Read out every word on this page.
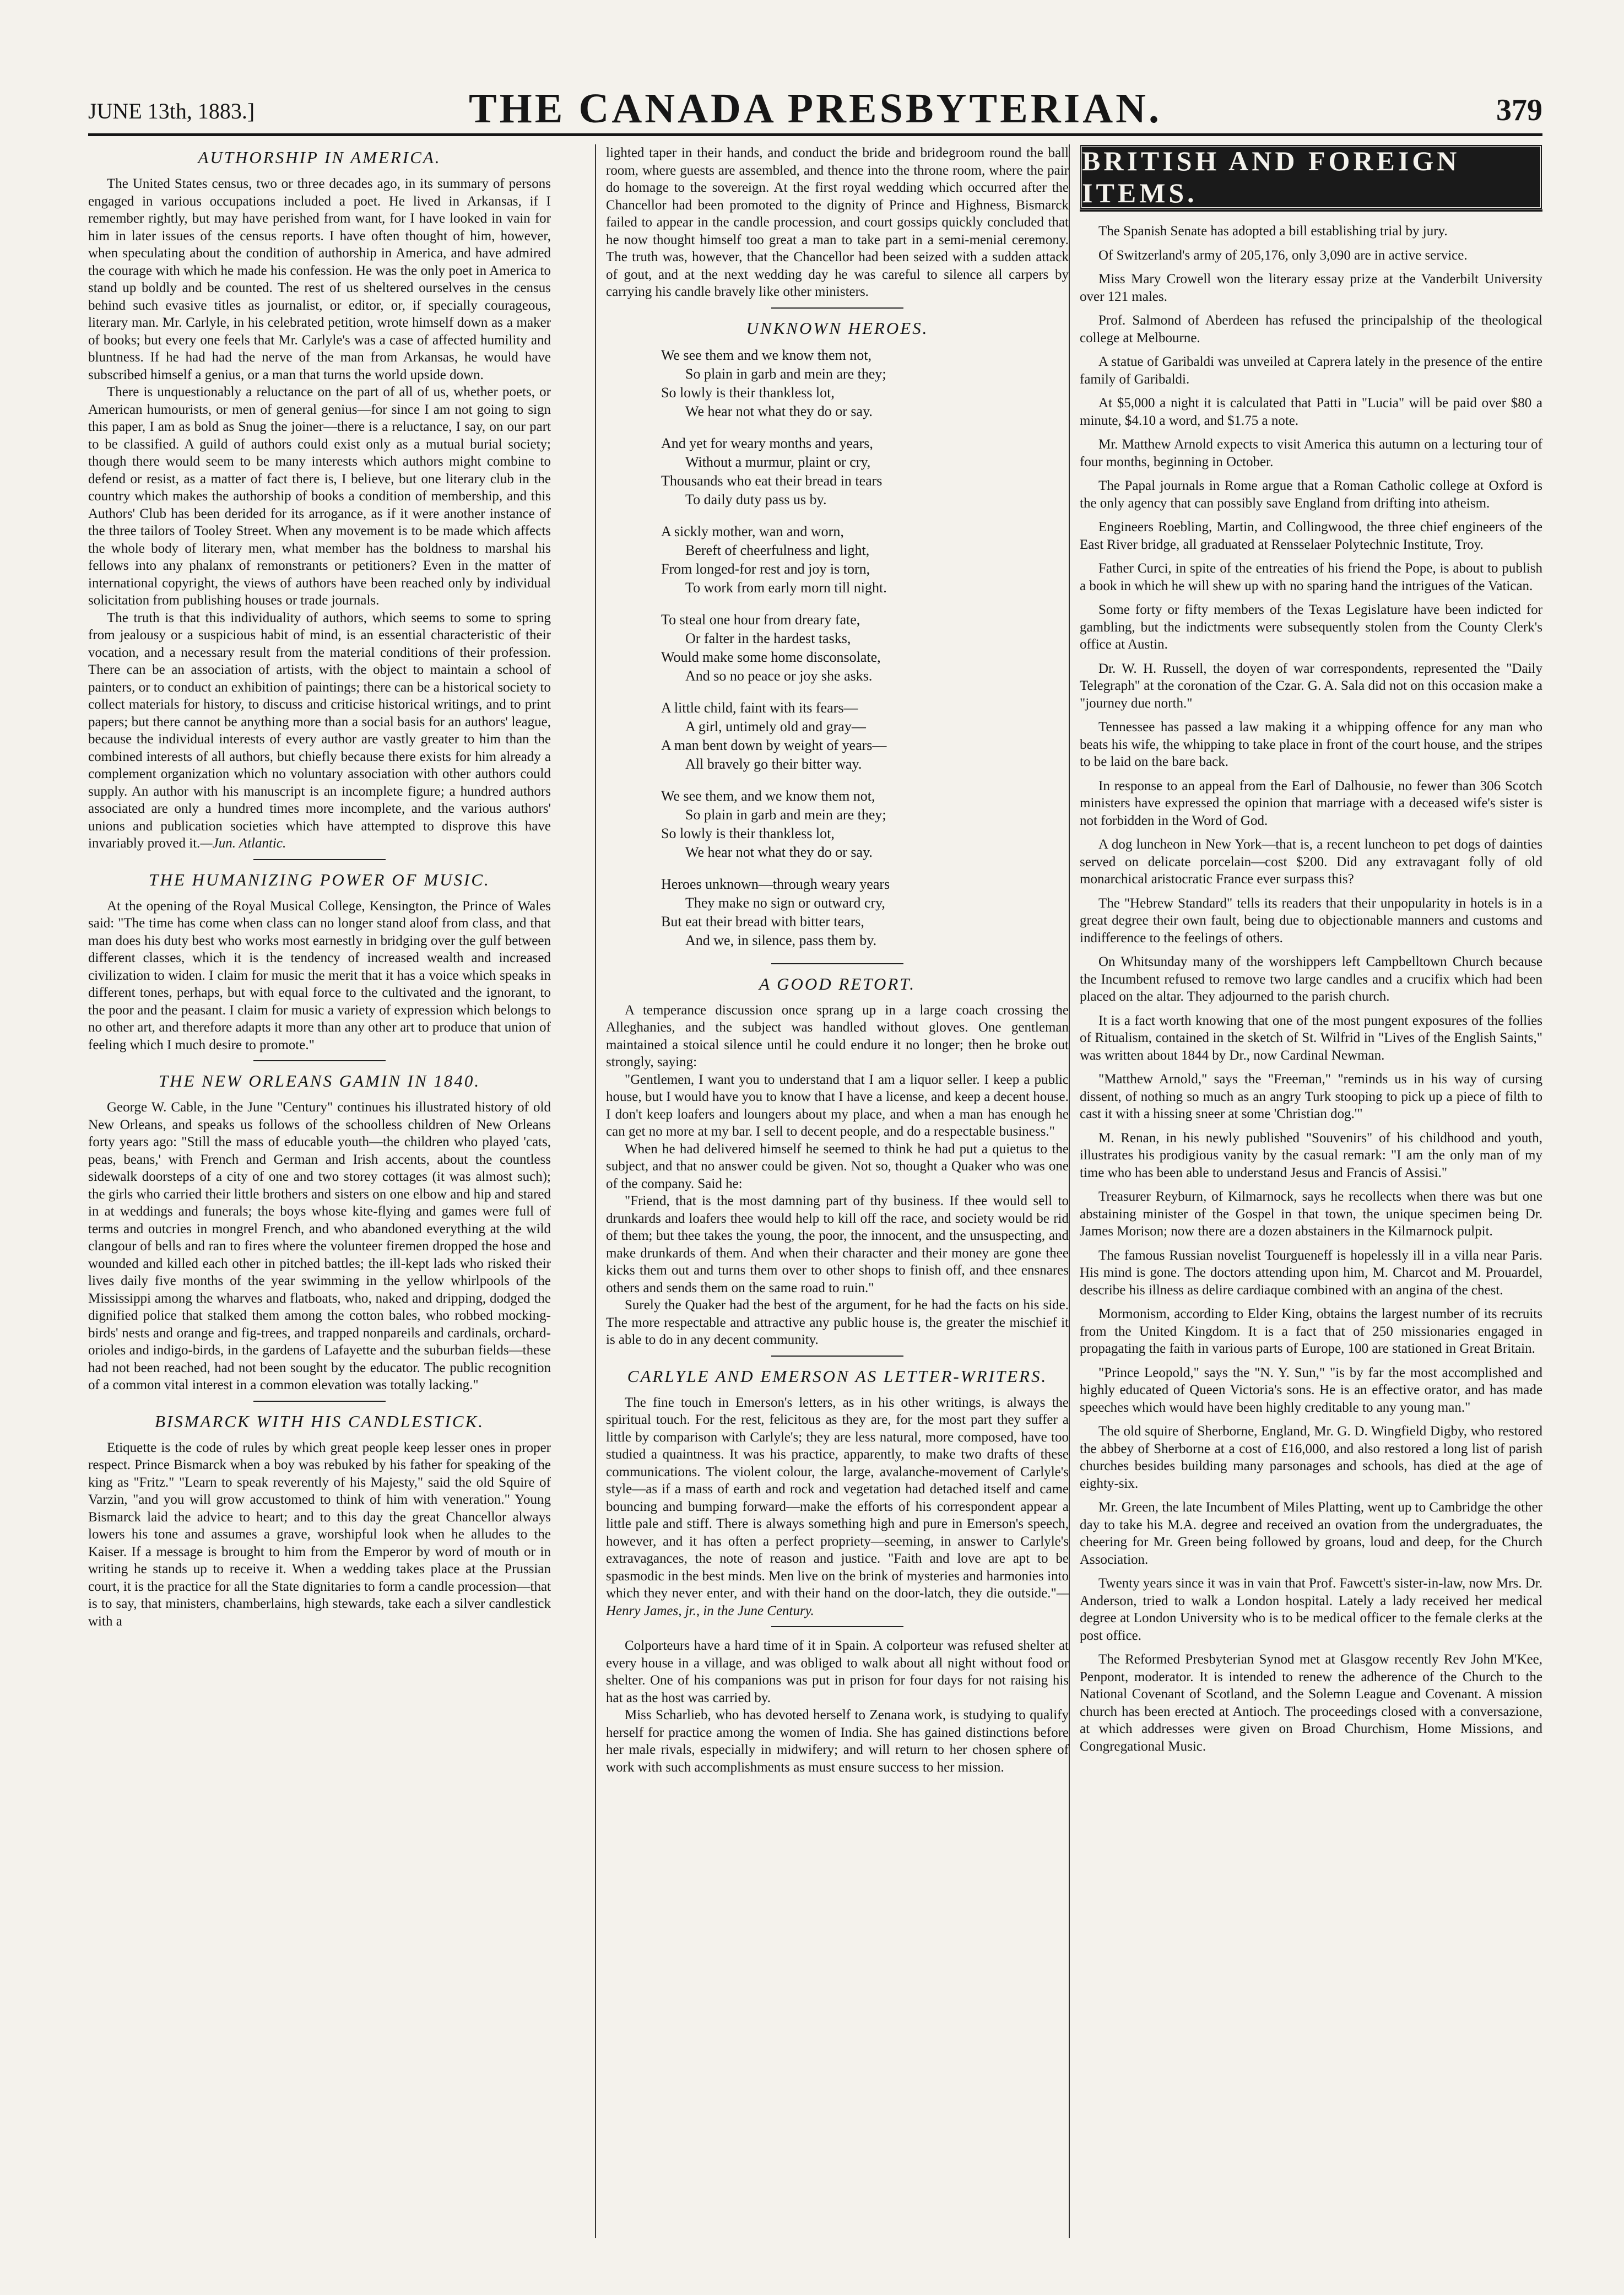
JUNE 13th, 1883.]	THE CANADA PRESBYTERIAN.	379
AUTHORSHIP IN AMERICA.

The United States census, two or three decades ago, in its summary of persons engaged in various occupations included a poet. He lived in Arkansas, if I remember rightly, but may have perished from want, for I have looked in vain for him in later issues of the census reports. I have often thought of him, however, when speculating about the condition of authorship in America, and have admired the courage with which he made his confession. He was the only poet in America to stand up boldly and be counted. The rest of us sheltered ourselves in the census behind such evasive titles as journalist, or editor, or, if specially courageous, literary man. Mr. Carlyle, in his celebrated petition, wrote himself down as a maker of books; but every one feels that Mr. Carlyle's was a case of affected humility and bluntness. If he had had the nerve of the man from Arkansas, he would have subscribed himself a genius, or a man that turns the world upside down.

There is unquestionably a reluctance on the part of all of us, whether poets, or American humourists, or men of general genius—for since I am not going to sign this paper, I am as bold as Snug the joiner—there is a reluctance, I say, on our part to be classified. A guild of authors could exist only as a mutual burial society; though there would seem to be many interests which authors might combine to defend or resist, as a matter of fact there is, I believe, but one literary club in the country which makes the authorship of books a condition of membership, and this Authors' Club has been derided for its arrogance, as if it were another instance of the three tailors of Tooley Street. When any movement is to be made which affects the whole body of literary men, what member has the boldness to marshal his fellows into any phalanx of remonstrants or petitioners? Even in the matter of international copyright, the views of authors have been reached only by individual solicitation from publishing houses or trade journals.

The truth is that this individuality of authors, which seems to some to spring from jealousy or a suspicious habit of mind, is an essential characteristic of their vocation, and a necessary result from the material conditions of their profession. There can be an association of artists, with the object to maintain a school of painters, or to conduct an exhibition of paintings; there can be a historical society to collect materials for history, to discuss and criticise historical writings, and to print papers; but there cannot be anything more than a social basis for an authors' league, because the individual interests of every author are vastly greater to him than the combined interests of all authors, but chiefly because there exists for him already a complement organization which no voluntary association with other authors could supply. An author with his manuscript is an incomplete figure; a hundred authors associated are only a hundred times more incomplete, and the various authors' unions and publication societies which have attempted to disprove this have invariably proved it.—Jun. Atlantic.

THE HUMANIZING POWER OF MUSIC.

At the opening of the Royal Musical College, Kensington, the Prince of Wales said: "The time has come when class can no longer stand aloof from class, and that man does his duty best who works most earnestly in bridging over the gulf between different classes, which it is the tendency of increased wealth and increased civilization to widen. I claim for music the merit that it has a voice which speaks in different tones, perhaps, but with equal force to the cultivated and the ignorant, to the poor and the peasant. I claim for music a variety of expression which belongs to no other art, and therefore adapts it more than any other art to produce that union of feeling which I much desire to promote."

THE NEW ORLEANS GAMIN IN 1840.

George W. Cable, in the June "Century" continues his illustrated history of old New Orleans, and speaks us follows of the schoolless children of New Orleans forty years ago: "Still the mass of educable youth—the children who played 'cats, peas, beans,' with French and German and Irish accents, about the countless sidewalk doorsteps of a city of one and two storey cottages (it was almost such); the girls who carried their little brothers and sisters on one elbow and hip and stared in at weddings and funerals; the boys whose kite-flying and games were full of terms and outcries in mongrel French, and who abandoned everything at the wild clangour of bells and ran to fires where the volunteer firemen dropped the hose and wounded and killed each other in pitched battles; the ill-kept lads who risked their lives daily five months of the year swimming in the yellow whirlpools of the Mississippi among the wharves and flatboats, who, naked and dripping, dodged the dignified police that stalked them among the cotton bales, who robbed mocking-birds' nests and orange and fig-trees, and trapped nonpareils and cardinals, orchard-orioles and indigo-birds, in the gardens of Lafayette and the suburban fields—these had not been reached, had not been sought by the educator. The public recognition of a common vital interest in a common elevation was totally lacking."

BISMARCK WITH HIS CANDLESTICK.

Etiquette is the code of rules by which great people keep lesser ones in proper respect. Prince Bismarck when a boy was rebuked by his father for speaking of the king as "Fritz." "Learn to speak reverently of his Majesty," said the old Squire of Varzin, "and you will grow accustomed to think of him with veneration." Young Bismarck laid the advice to heart; and to this day the great Chancellor always lowers his tone and assumes a grave, worshipful look when he alludes to the Kaiser. If a message is brought to him from the Emperor by word of mouth or in writing he stands up to receive it. When a wedding takes place at the Prussian court, it is the practice for all the State dignitaries to form a candle procession—that is to say, that ministers, chamberlains, high stewards, take each a silver candlestick with a

lighted taper in their hands, and conduct the bride and bridegroom round the ball room, where guests are assembled, and thence into the throne room, where the pair do homage to the sovereign. At the first royal wedding which occurred after the Chancellor had been promoted to the dignity of Prince and Highness, Bismarck failed to appear in the candle procession, and court gossips quickly concluded that he now thought himself too great a man to take part in a semi-menial ceremony. The truth was, however, that the Chancellor had been seized with a sudden attack of gout, and at the next wedding day he was careful to silence all carpers by carrying his candle bravely like other ministers.

UNKNOWN HEROES.
We see them and we know them not,
So plain in garb and mein are they;
So lowly is their thankless lot,
We hear not what they do or say.
And yet for weary months and years,
Without a murmur, plaint or cry,
Thousands who eat their bread in tears
To daily duty pass us by.
A sickly mother, wan and worn,
Bereft of cheerfulness and light,
From longed-for rest and joy is torn,
To work from early morn till night.
To steal one hour from dreary fate,
Or falter in the hardest tasks,
Would make some home disconsolate,
And so no peace or joy she asks.
A little child, faint with its fears—
A girl, untimely old and gray—
A man bent down by weight of years—
All bravely go their bitter way.
We see them, and we know them not,
So plain in garb and mein are they;
So lowly is their thankless lot,
We hear not what they do or say.
Heroes unknown—through weary years
They make no sign or outward cry,
But eat their bread with bitter tears,
And we, in silence, pass them by.
A GOOD RETORT.

A temperance discussion once sprang up in a large coach crossing the Alleghanies, and the subject was handled without gloves. One gentleman maintained a stoical silence until he could endure it no longer; then he broke out strongly, saying:

"Gentlemen, I want you to understand that I am a liquor seller. I keep a public house, but I would have you to know that I have a license, and keep a decent house. I don't keep loafers and loungers about my place, and when a man has enough he can get no more at my bar. I sell to decent people, and do a respectable business."

When he had delivered himself he seemed to think he had put a quietus to the subject, and that no answer could be given. Not so, thought a Quaker who was one of the company. Said he:

"Friend, that is the most damning part of thy business. If thee would sell to drunkards and loafers thee would help to kill off the race, and society would be rid of them; but thee takes the young, the poor, the innocent, and the unsuspecting, and make drunkards of them. And when their character and their money are gone thee kicks them out and turns them over to other shops to finish off, and thee ensnares others and sends them on the same road to ruin."

Surely the Quaker had the best of the argument, for he had the facts on his side. The more respectable and attractive any public house is, the greater the mischief it is able to do in any decent community.

CARLYLE AND EMERSON AS LETTER-WRITERS.

The fine touch in Emerson's letters, as in his other writings, is always the spiritual touch. For the rest, felicitous as they are, for the most part they suffer a little by comparison with Carlyle's; they are less natural, more composed, have too studied a quaintness. It was his practice, apparently, to make two drafts of these communications. The violent colour, the large, avalanche-movement of Carlyle's style—as if a mass of earth and rock and vegetation had detached itself and came bouncing and bumping forward—make the efforts of his correspondent appear a little pale and stiff. There is always something high and pure in Emerson's speech, however, and it has often a perfect propriety—seeming, in answer to Carlyle's extravagances, the note of reason and justice. "Faith and love are apt to be spasmodic in the best minds. Men live on the brink of mysteries and harmonies into which they never enter, and with their hand on the door-latch, they die outside."—Henry James, jr., in the June Century.

Colporteurs have a hard time of it in Spain. A colporteur was refused shelter at every house in a village, and was obliged to walk about all night without food or shelter. One of his companions was put in prison for four days for not raising his hat as the host was carried by.

Miss Scharlieb, who has devoted herself to Zenana work, is studying to qualify herself for practice among the women of India. She has gained distinctions before her male rivals, especially in midwifery; and will return to her chosen sphere of work with such accomplishments as must ensure success to her mission.

BRITISH AND FOREIGN ITEMS.

The Spanish Senate has adopted a bill establishing trial by jury.

Of Switzerland's army of 205,176, only 3,090 are in active service.

Miss Mary Crowell won the literary essay prize at the Vanderbilt University over 121 males.

Prof. Salmond of Aberdeen has refused the principalship of the theological college at Melbourne.

A statue of Garibaldi was unveiled at Caprera lately in the presence of the entire family of Garibaldi.

At $5,000 a night it is calculated that Patti in "Lucia" will be paid over $80 a minute, $4.10 a word, and $1.75 a note.

Mr. Matthew Arnold expects to visit America this autumn on a lecturing tour of four months, beginning in October.

The Papal journals in Rome argue that a Roman Catholic college at Oxford is the only agency that can possibly save England from drifting into atheism.

Engineers Roebling, Martin, and Collingwood, the three chief engineers of the East River bridge, all graduated at Rensselaer Polytechnic Institute, Troy.

Father Curci, in spite of the entreaties of his friend the Pope, is about to publish a book in which he will shew up with no sparing hand the intrigues of the Vatican.

Some forty or fifty members of the Texas Legislature have been indicted for gambling, but the indictments were subsequently stolen from the County Clerk's office at Austin.

Dr. W. H. Russell, the doyen of war correspondents, represented the "Daily Telegraph" at the coronation of the Czar. G. A. Sala did not on this occasion make a "journey due north."

Tennessee has passed a law making it a whipping offence for any man who beats his wife, the whipping to take place in front of the court house, and the stripes to be laid on the bare back.

In response to an appeal from the Earl of Dalhousie, no fewer than 306 Scotch ministers have expressed the opinion that marriage with a deceased wife's sister is not forbidden in the Word of God.

A dog luncheon in New York—that is, a recent luncheon to pet dogs of dainties served on delicate porcelain—cost $200. Did any extravagant folly of old monarchical aristocratic France ever surpass this?

The "Hebrew Standard" tells its readers that their unpopularity in hotels is in a great degree their own fault, being due to objectionable manners and customs and indifference to the feelings of others.

On Whitsunday many of the worshippers left Campbelltown Church because the Incumbent refused to remove two large candles and a crucifix which had been placed on the altar. They adjourned to the parish church.

It is a fact worth knowing that one of the most pungent exposures of the follies of Ritualism, contained in the sketch of St. Wilfrid in "Lives of the English Saints," was written about 1844 by Dr., now Cardinal Newman.

"Matthew Arnold," says the "Freeman," "reminds us in his way of cursing dissent, of nothing so much as an angry Turk stooping to pick up a piece of filth to cast it with a hissing sneer at some 'Christian dog.'"

M. Renan, in his newly published "Souvenirs" of his childhood and youth, illustrates his prodigious vanity by the casual remark: "I am the only man of my time who has been able to understand Jesus and Francis of Assisi."

Treasurer Reyburn, of Kilmarnock, says he recollects when there was but one abstaining minister of the Gospel in that town, the unique specimen being Dr. James Morison; now there are a dozen abstainers in the Kilmarnock pulpit.

The famous Russian novelist Tourgueneff is hopelessly ill in a villa near Paris. His mind is gone. The doctors attending upon him, M. Charcot and M. Prouardel, describe his illness as delire cardiaque combined with an angina of the chest.

Mormonism, according to Elder King, obtains the largest number of its recruits from the United Kingdom. It is a fact that of 250 missionaries engaged in propagating the faith in various parts of Europe, 100 are stationed in Great Britain.

"Prince Leopold," says the "N. Y. Sun," "is by far the most accomplished and highly educated of Queen Victoria's sons. He is an effective orator, and has made speeches which would have been highly creditable to any young man."

The old squire of Sherborne, England, Mr. G. D. Wingfield Digby, who restored the abbey of Sherborne at a cost of £16,000, and also restored a long list of parish churches besides building many parsonages and schools, has died at the age of eighty-six.

Mr. Green, the late Incumbent of Miles Platting, went up to Cambridge the other day to take his M.A. degree and received an ovation from the undergraduates, the cheering for Mr. Green being followed by groans, loud and deep, for the Church Association.

Twenty years since it was in vain that Prof. Fawcett's sister-in-law, now Mrs. Dr. Anderson, tried to walk a London hospital. Lately a lady received her medical degree at London University who is to be medical officer to the female clerks at the post office.

The Reformed Presbyterian Synod met at Glasgow recently Rev John M'Kee, Penpont, moderator. It is intended to renew the adherence of the Church to the National Covenant of Scotland, and the Solemn League and Covenant. A mission church has been erected at Antioch. The proceedings closed with a conversazione, at which addresses were given on Broad Churchism, Home Missions, and Congregational Music.
